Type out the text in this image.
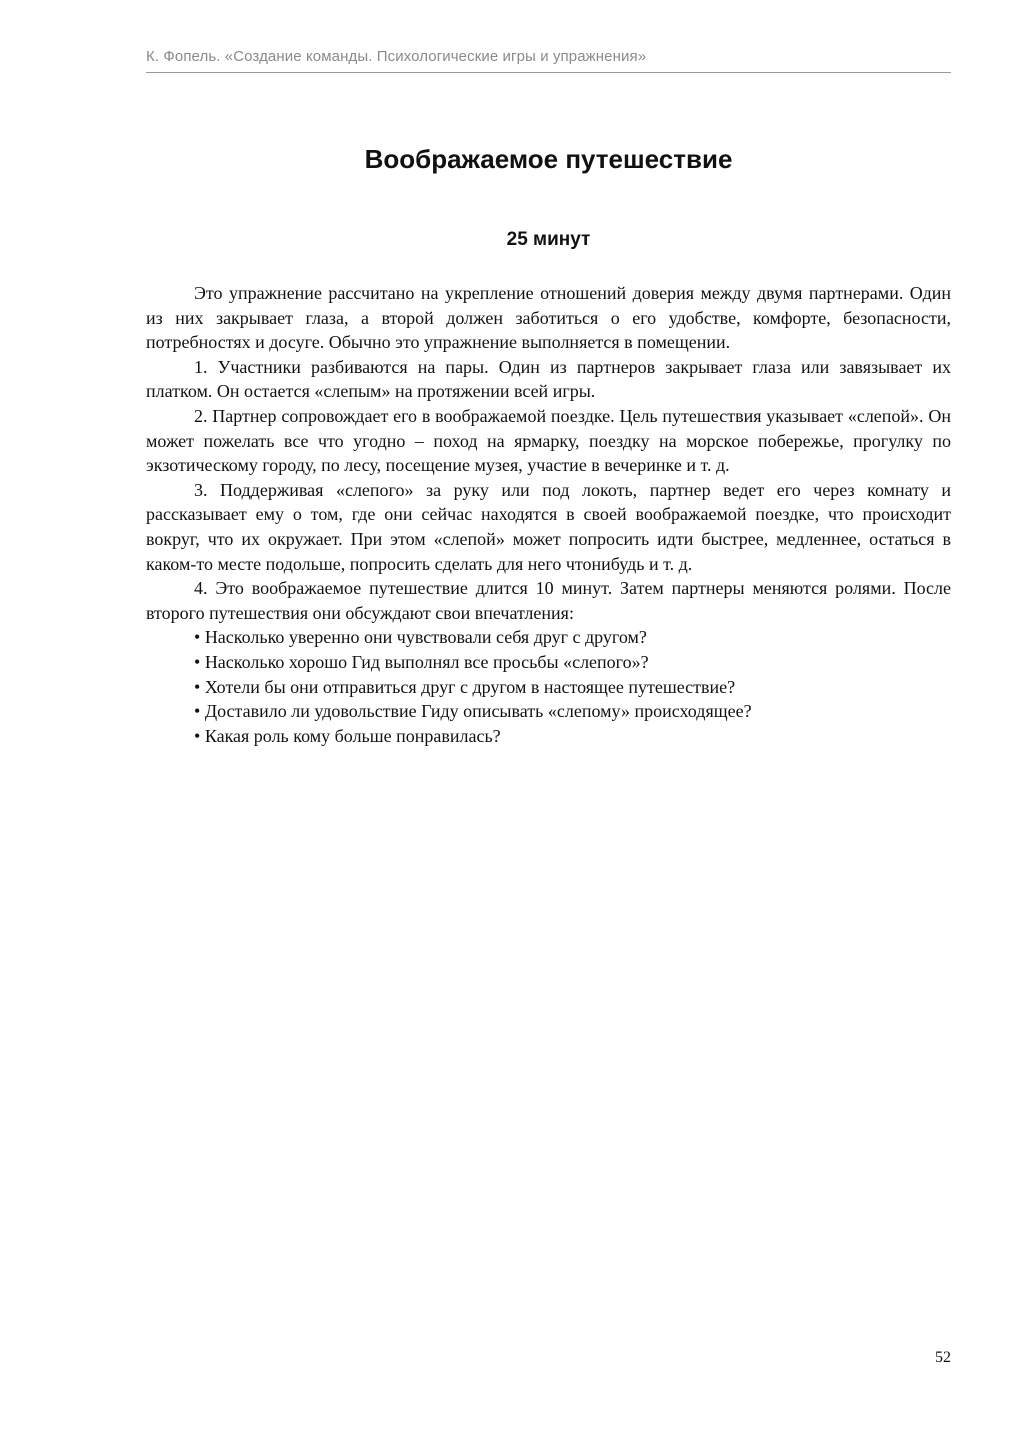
К. Фопель. «Создание команды. Психологические игры и упражнения»
Воображаемое путешествие
25 минут

Это упражнение рассчитано на укрепление отношений доверия между двумя партнерами. Один из них закрывает глаза, а второй должен заботиться о его удобстве, комфорте, безопасности, потребностях и досуге. Обычно это упражнение выполняется в помещении.

1. Участники разбиваются на пары. Один из партнеров закрывает глаза или завязывает их платком. Он остается «слепым» на протяжении всей игры.

2. Партнер сопровождает его в воображаемой поездке. Цель путешествия указывает «слепой». Он может пожелать все что угодно – поход на ярмарку, поездку на морское побережье, прогулку по экзотическому городу, по лесу, посещение музея, участие в вечеринке и т. д.

3. Поддерживая «слепого» за руку или под локоть, партнер ведет его через комнату и рассказывает ему о том, где они сейчас находятся в своей воображаемой поездке, что происходит вокруг, что их окружает. При этом «слепой» может попросить идти быстрее, медленнее, остаться в каком-то месте подольше, попросить сделать для него чтонибудь и т. д.

4. Это воображаемое путешествие длится 10 минут. Затем партнеры меняются ролями. После второго путешествия они обсуждают свои впечатления:

• Насколько уверенно они чувствовали себя друг с другом?
• Насколько хорошо Гид выполнял все просьбы «слепого»?
• Хотели бы они отправиться друг с другом в настоящее путешествие?
• Доставило ли удовольствие Гиду описывать «слепому» происходящее?
• Какая роль кому больше понравилась?
52
